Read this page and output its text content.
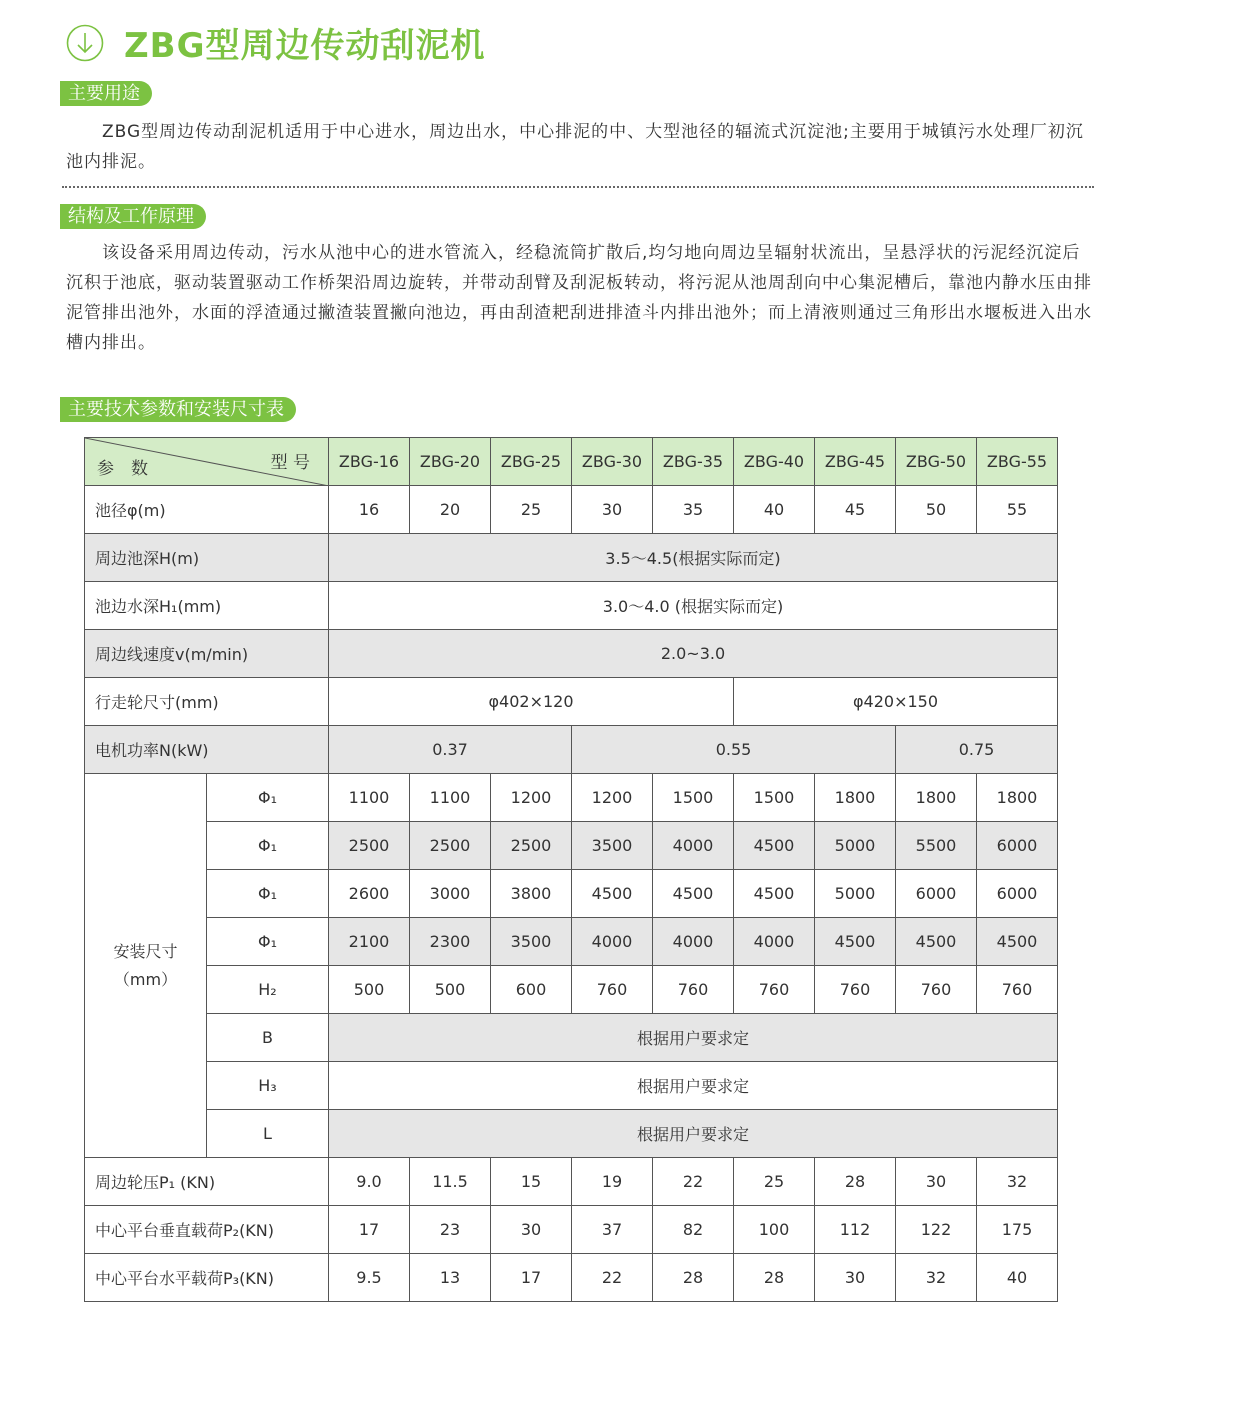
ZBG型周边传动刮泥机
主要用途
ZBG型周边传动刮泥机适用于中心进水，周边出水，中心排泥的中、大型池径的辐流式沉淀池;主要用于城镇污水处理厂初沉池内排泥。
结构及工作原理
该设备采用周边传动，污水从池中心的进水管流入，经稳流筒扩散后,均匀地向周边呈辐射状流出，呈悬浮状的污泥经沉淀后沉积于池底，驱动装置驱动工作桥架沿周边旋转，并带动刮臂及刮泥板转动，将污泥从池周刮向中心集泥槽后，靠池内静水压由排泥管排出池外，水面的浮渣通过撇渣装置撇向池边，再由刮渣耙刮进排渣斗内排出池外；而上清液则通过三角形出水堰板进入出水槽内排出。
主要技术参数和安装尺寸表
型 号
参　数		ZBG-16	ZBG-20	ZBG-25	ZBG-30	ZBG-35	ZBG-40	ZBG-45	ZBG-50	ZBG-55
池径φ(m)		16	20	25	30	35	40	45	50	55
周边池深H(m)		3.5～4.5(根据实际而定)								
池边水深H₁(mm)		3.0～4.0 (根据实际而定)								
周边线速度v(m/min)		2.0~3.0								
行走轮尺寸(mm)		φ402×120					φ420×150			
电机功率N(kW)		0.37			0.55				0.75	

安装尺寸
（mm）	Φ₁	1100	1100	1200	1200	1500	1500	1800	1800	1800
	Φ₁	2500	2500	2500	3500	4000	4500	5000	5500	6000
	Φ₁	2600	3000	3800	4500	4500	4500	5000	6000	6000
	Φ₁	2100	2300	3500	4000	4000	4000	4500	4500	4500
	H₂	500	500	600	760	760	760	760	760	760
	B	根据用户要求定								
	H₃	根据用户要求定								
	L	根据用户要求定								
周边轮压P₁ (KN)		9.0	11.5	15	19	22	25	28	30	32
中心平台垂直载荷P₂(KN)		17	23	30	37	82	100	112	122	175
中心平台水平载荷P₃(KN)		9.5	13	17	22	28	28	30	32	40
